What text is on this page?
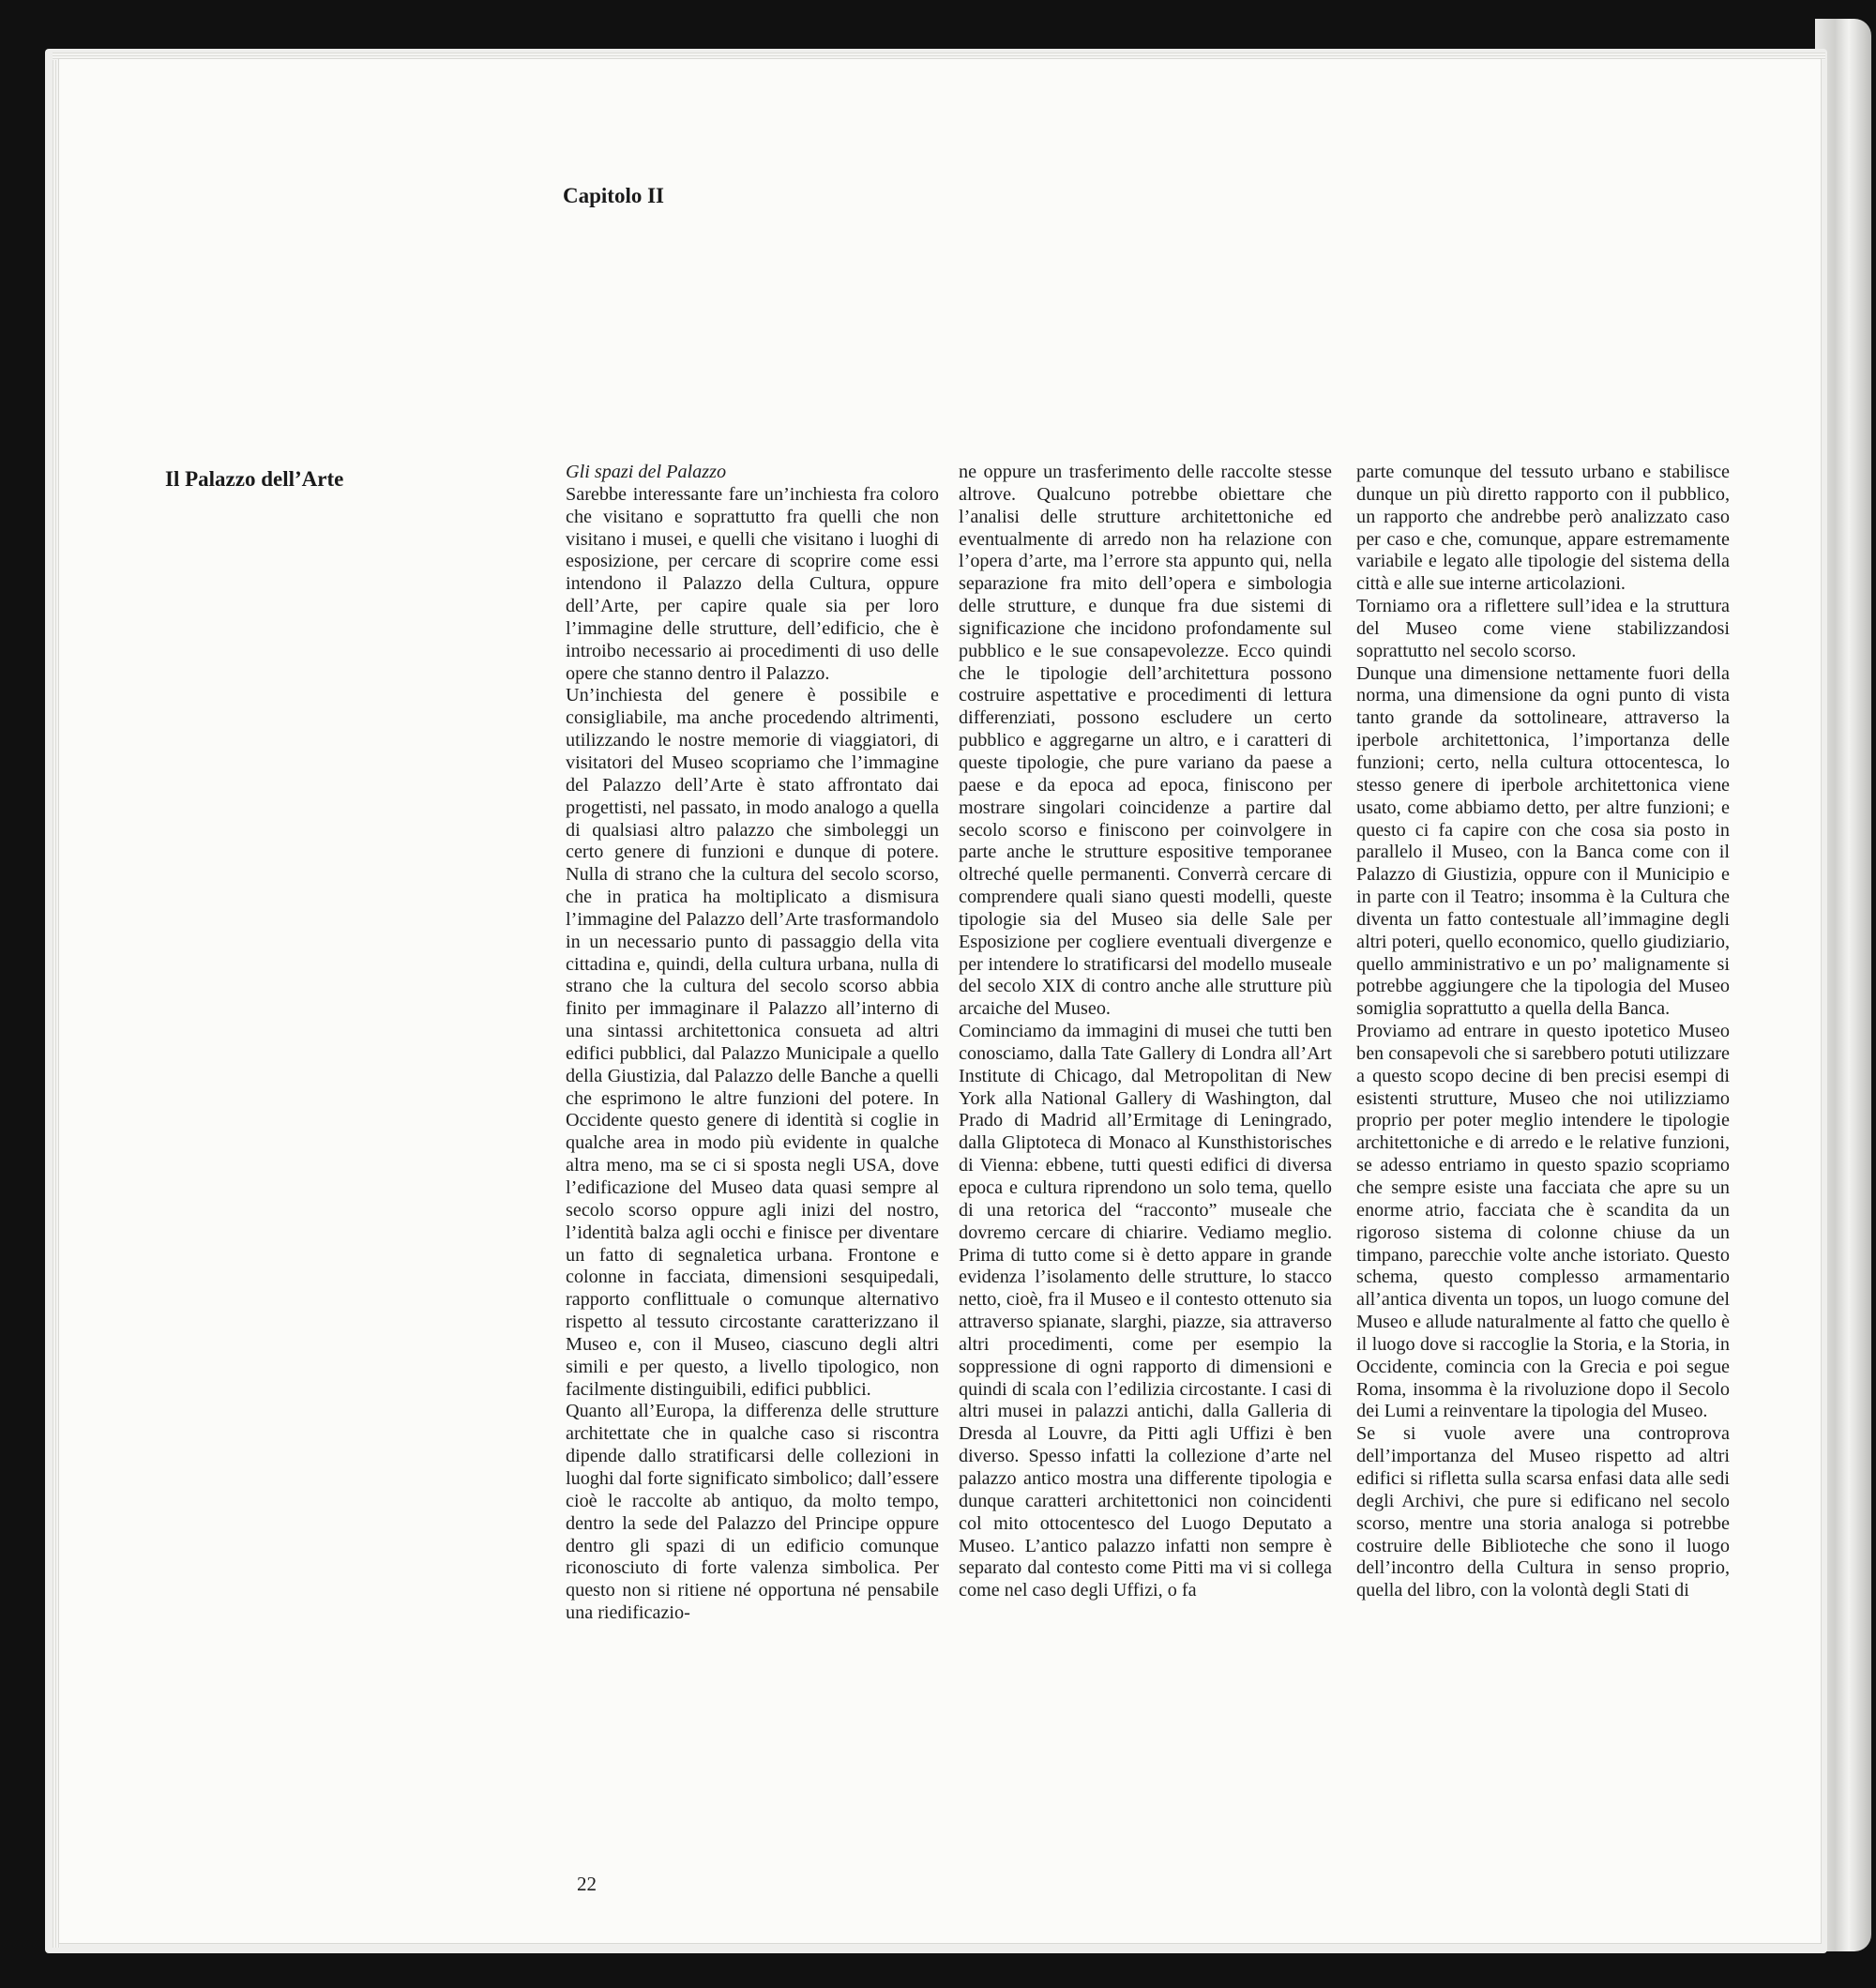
Capitolo II
Il Palazzo dell’Arte	Gli spazi del Palazzo

Sarebbe interessante fare un’inchiesta fra coloro che visitano e soprattutto fra quelli che non visitano i musei, e quelli che visitano i luoghi di esposizione, per cercare di scoprire come essi intendono il Palazzo della Cultura, oppure dell’Arte, per capire quale sia per loro l’immagine delle strutture, dell’edificio, che è introibo necessario ai procedimenti di uso delle opere che stanno dentro il Palazzo.

Un’inchiesta del genere è possibile e consigliabile, ma anche procedendo altrimenti, utilizzando le nostre memorie di viaggiatori, di visitatori del Museo scopriamo che l’immagine del Palazzo dell’Arte è stato affrontato dai progettisti, nel passato, in modo analogo a quella di qualsiasi altro palazzo che simboleggi un certo genere di funzioni e dunque di potere. Nulla di strano che la cultura del secolo scorso, che in pratica ha moltiplicato a dismisura l’immagine del Palazzo dell’Arte trasformandolo in un necessario punto di passaggio della vita cittadina e, quindi, della cultura urbana, nulla di strano che la cultura del secolo scorso abbia finito per immaginare il Palazzo all’interno di una sintassi architettonica consueta ad altri edifici pubblici, dal Palazzo Municipale a quello della Giustizia, dal Palazzo delle Banche a quelli che esprimono le altre funzioni del potere. In Occidente questo genere di identità si coglie in qualche area in modo più evidente in qualche altra meno, ma se ci si sposta negli USA, dove l’edificazione del Museo data quasi sempre al secolo scorso oppure agli inizi del nostro, l’identità balza agli occhi e finisce per diventare un fatto di segnaletica urbana. Frontone e colonne in facciata, dimensioni sesquipedali, rapporto conflittuale o comunque alternativo rispetto al tessuto circostante caratterizzano il Museo e, con il Museo, ciascuno degli altri simili e per questo, a livello tipologico, non facilmente distinguibili, edifici pubblici.

Quanto all’Europa, la differenza delle strutture architettate che in qualche caso si riscontra dipende dallo stratificarsi delle collezioni in luoghi dal forte significato simbolico; dall’essere cioè le raccolte ab antiquo, da molto tempo, dentro la sede del Palazzo del Principe oppure dentro gli spazi di un edificio comunque riconosciuto di forte valenza simbolica. Per questo non si ritiene né opportuna né pensabile una riedificazio-

ne oppure un trasferimento delle raccolte stesse altrove. Qualcuno potrebbe obiettare che l’analisi delle strutture architettoniche ed eventualmente di arredo non ha relazione con l’opera d’arte, ma l’errore sta appunto qui, nella separazione fra mito dell’opera e simbologia delle strutture, e dunque fra due sistemi di significazione che incidono profondamente sul pubblico e le sue consapevolezze. Ecco quindi che le tipologie dell’architettura possono costruire aspettative e procedimenti di lettura differenziati, possono escludere un certo pubblico e aggregarne un altro, e i caratteri di queste tipologie, che pure variano da paese a paese e da epoca ad epoca, finiscono per mostrare singolari coincidenze a partire dal secolo scorso e finiscono per coinvolgere in parte anche le strutture espositive temporanee oltreché quelle permanenti. Converrà cercare di comprendere quali siano questi modelli, queste tipologie sia del Museo sia delle Sale per Esposizione per cogliere eventuali divergenze e per intendere lo stratificarsi del modello museale del secolo XIX di contro anche alle strutture più arcaiche del Museo.

Cominciamo da immagini di musei che tutti ben conosciamo, dalla Tate Gallery di Londra all’Art Institute di Chicago, dal Metropolitan di New York alla National Gallery di Washington, dal Prado di Madrid all’Ermitage di Leningrado, dalla Gliptoteca di Monaco al Kunsthistorisches di Vienna: ebbene, tutti questi edifici di diversa epoca e cultura riprendono un solo tema, quello di una retorica del “racconto” museale che dovremo cercare di chiarire. Vediamo meglio. Prima di tutto come si è detto appare in grande evidenza l’isolamento delle strutture, lo stacco netto, cioè, fra il Museo e il contesto ottenuto sia attraverso spianate, slarghi, piazze, sia attraverso altri procedimenti, come per esempio la soppressione di ogni rapporto di dimensioni e quindi di scala con l’edilizia circostante. I casi di altri musei in palazzi antichi, dalla Galleria di Dresda al Louvre, da Pitti agli Uffizi è ben diverso. Spesso infatti la collezione d’arte nel palazzo antico mostra una differente tipologia e dunque caratteri architettonici non coincidenti col mito ottocentesco del Luogo Deputato a Museo. L’antico palazzo infatti non sempre è separato dal contesto come Pitti ma vi si collega come nel caso degli Uffizi, o fa

parte comunque del tessuto urbano e stabilisce dunque un più diretto rapporto con il pubblico, un rapporto che andrebbe però analizzato caso per caso e che, comunque, appare estremamente variabile e legato alle tipologie del sistema della città e alle sue interne articolazioni.

Torniamo ora a riflettere sull’idea e la struttura del Museo come viene stabilizzandosi soprattutto nel secolo scorso.

Dunque una dimensione nettamente fuori della norma, una dimensione da ogni punto di vista tanto grande da sottolineare, attraverso la iperbole architettonica, l’importanza delle funzioni; certo, nella cultura ottocentesca, lo stesso genere di iperbole architettonica viene usato, come abbiamo detto, per altre funzioni; e questo ci fa capire con che cosa sia posto in parallelo il Museo, con la Banca come con il Palazzo di Giustizia, oppure con il Municipio e in parte con il Teatro; insomma è la Cultura che diventa un fatto contestuale all’immagine degli altri poteri, quello economico, quello giudiziario, quello amministrativo e un po’ malignamente si potrebbe aggiungere che la tipologia del Museo somiglia soprattutto a quella della Banca.

Proviamo ad entrare in questo ipotetico Museo ben consapevoli che si sarebbero potuti utilizzare a questo scopo decine di ben precisi esempi di esistenti strutture, Museo che noi utilizziamo proprio per poter meglio intendere le tipologie architettoniche e di arredo e le relative funzioni, se adesso entriamo in questo spazio scopriamo che sempre esiste una facciata che apre su un enorme atrio, facciata che è scandita da un rigoroso sistema di colonne chiuse da un timpano, parecchie volte anche istoriato. Questo schema, questo complesso armamentario all’antica diventa un topos, un luogo comune del Museo e allude naturalmente al fatto che quello è il luogo dove si raccoglie la Storia, e la Storia, in Occidente, comincia con la Grecia e poi segue Roma, insomma è la rivoluzione dopo il Secolo dei Lumi a reinventare la tipologia del Museo.

Se si vuole avere una controprova dell’importanza del Museo rispetto ad altri edifici si rifletta sulla scarsa enfasi data alle sedi degli Archivi, che pure si edificano nel secolo scorso, mentre una storia analoga si potrebbe costruire delle Biblioteche che sono il luogo dell’incontro della Cultura in senso proprio, quella del libro, con la volontà degli Stati di

22
